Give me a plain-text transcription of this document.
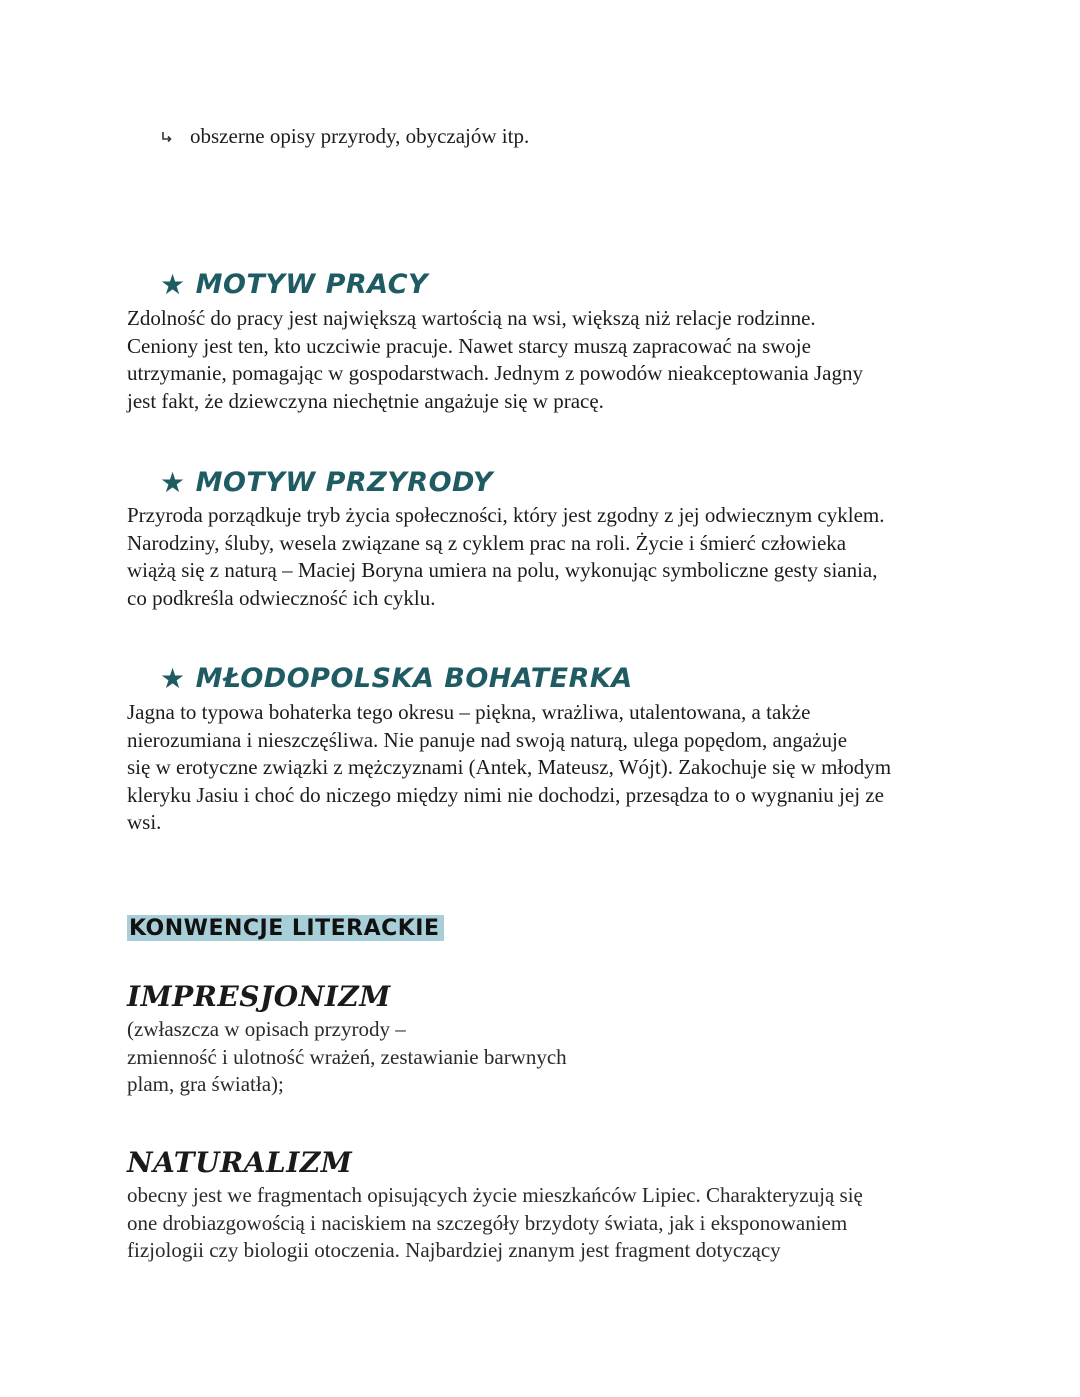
obszerne opisy przyrody, obyczajów itp.
★ MOTYW PRACY
Zdolność do pracy jest największą wartością na wsi, większą niż relacje rodzinne.
Ceniony jest ten, kto uczciwie pracuje. Nawet starcy muszą zapracować na swoje
utrzymanie, pomagając w gospodarstwach. Jednym z powodów nieakceptowania Jagny
jest fakt, że dziewczyna niechętnie angażuje się w pracę.
★ MOTYW PRZYRODY
Przyroda porządkuje tryb życia społeczności, który jest zgodny z jej odwiecznym cyklem.
Narodziny, śluby, wesela związane są z cyklem prac na roli. Życie i śmierć człowieka
wiążą się z naturą – Maciej Boryna umiera na polu, wykonując symboliczne gesty siania,
co podkreśla odwieczność ich cyklu.
★ MŁODOPOLSKA BOHATERKA
Jagna to typowa bohaterka tego okresu – piękna, wrażliwa, utalentowana, a także
nierozumiana i nieszczęśliwa. Nie panuje nad swoją naturą, ulega popędom, angażuje
się w erotyczne związki z mężczyznami (Antek, Mateusz, Wójt). Zakochuje się w młodym
kleryku Jasiu i choć do niczego między nimi nie dochodzi, przesądza to o wygnaniu jej ze
wsi.
KONWENCJE LITERACKIE
IMPRESJONIZM
(zwłaszcza w opisach przyrody –
zmienność i ulotność wrażeń, zestawianie barwnych
plam, gra światła);
NATURALIZM
obecny jest we fragmentach opisujących życie mieszkańców Lipiec. Charakteryzują się
one drobiazgowością i naciskiem na szczegóły brzydoty świata, jak i eksponowaniem
fizjologii czy biologii otoczenia. Najbardziej znanym jest fragment dotyczący
